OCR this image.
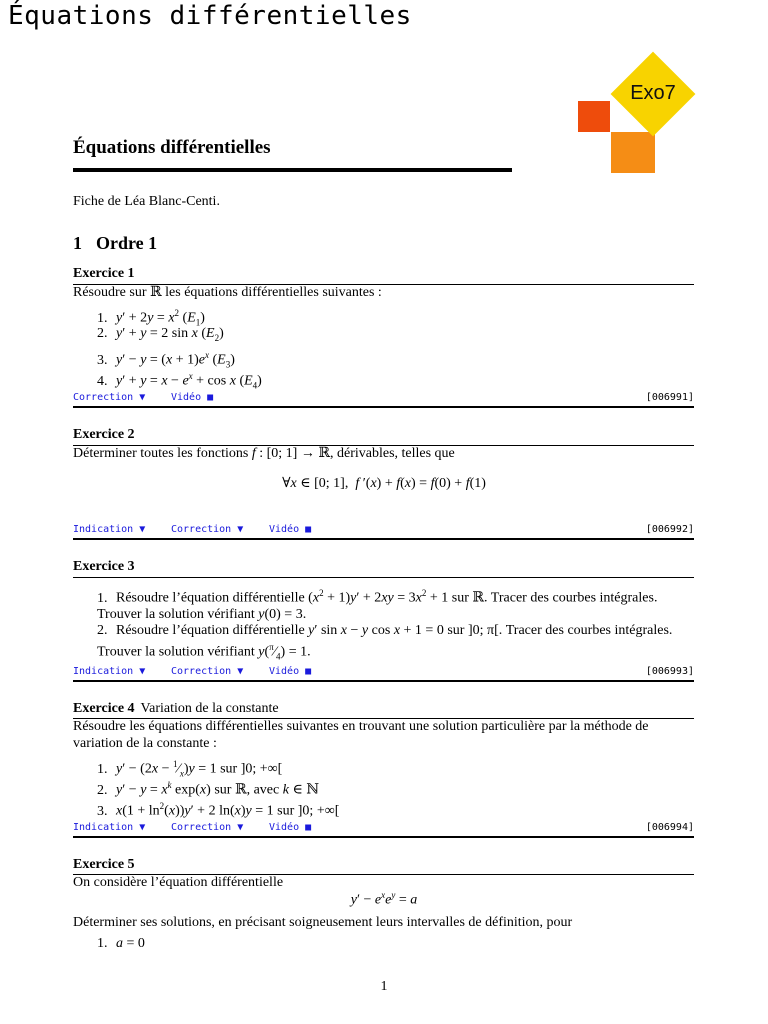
Équations différentielles
Exo7
Équations différentielles
Fiche de Léa Blanc-Centi.
1 Ordre 1
Exercice 1
Résoudre sur ℝ les équations différentielles suivantes :
1. $y' + 2y = x^2$ $(E_1)$
2. y′ + y = 2 sin x $(E_2)$
3. $y' - y = (x + 1)e^x$ $(E_3)$
4. $y' + y = x - e^x + \cos x$ $(E_4)$
Correction ▼	Vidéo ■	[006991]
Exercice 2
Déterminer toutes les fonctions f : [0; 1] → ℝ, dérivables, telles que
∀x ∈ [0; 1],  f ′(x) + f(x) = f(0) + f(1)
Indication ▼	Correction ▼	Vidéo ■	[006992]
Exercice 3
1. Résoudre l’équation différentielle $(x^2 + 1)y' + 2xy = 3x^2 + 1$ sur ℝ. Tracer des courbes intégrales. Trouver la solution vérifiant y(0) = 3.
2. Résoudre l’équation différentielle y′ sin x − y cos x + 1 = 0 sur ]0; π[. Tracer des courbes intégrales. Trouver la solution vérifiant $y(^\pi⁄_4) = 1$.
Indication ▼	Correction ▼	Vidéo ■	[006993]
Exercice 4 Variation de la constante
Résoudre les équations différentielles suivantes en trouvant une solution particulière par la méthode de variation de la constante :
1. $y' - (2x - ^1⁄_x)y = 1$ sur ]0; +∞[
2. $y' - y = x^k$ exp(x) sur ℝ, avec k ∈ ℕ
3. $x(1 + \ln^2(x))y' + 2$ ln(x)y = 1 sur ]0; +∞[
Indication ▼	Correction ▼	Vidéo ■	[006994]
Exercice 5
On considère l’équation différentielle
$y' - e^xe^y = a$
Déterminer ses solutions, en précisant soigneusement leurs intervalles de définition, pour
1. a = 0
1
